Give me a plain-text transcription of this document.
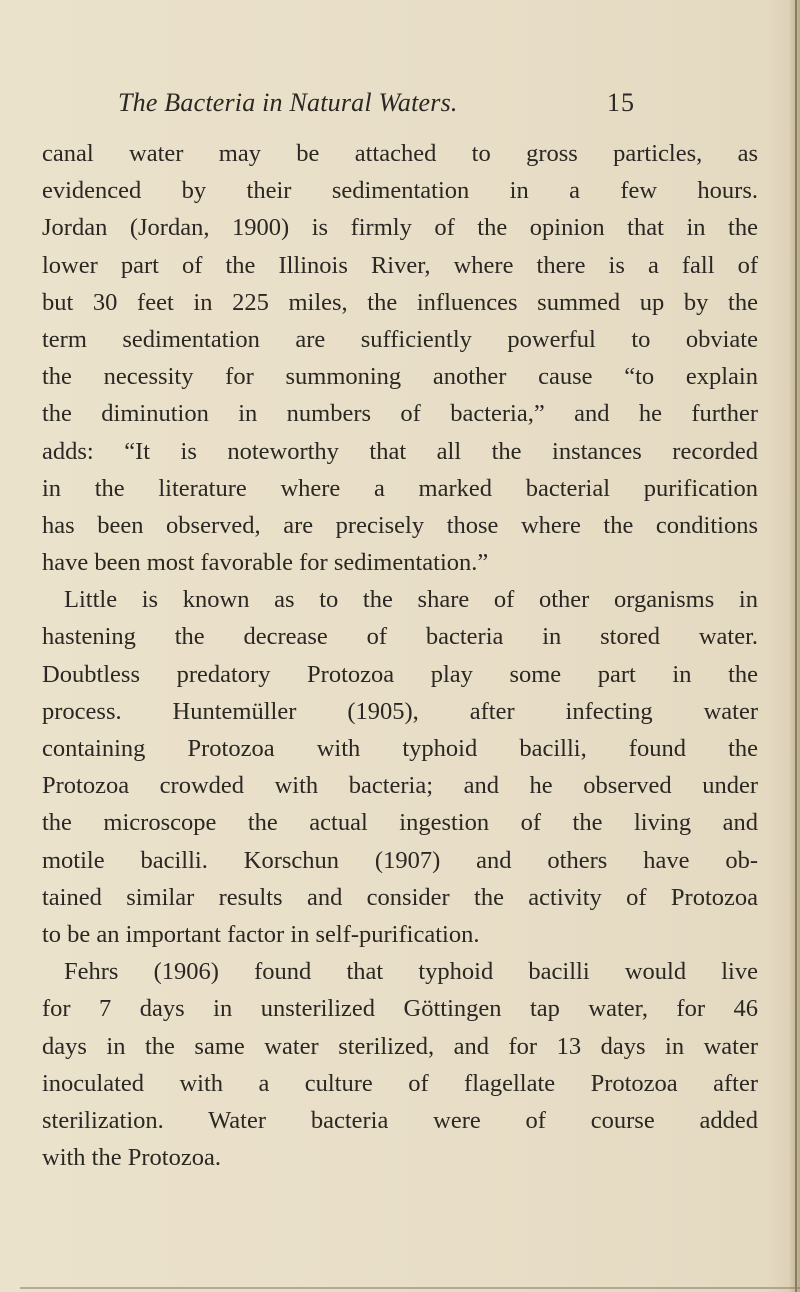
The Bacteria in Natural Waters.	15
canal water may be attached to gross particles, as
evidenced by their sedimentation in a few hours.
Jordan (Jordan, 1900) is firmly of the opinion that in the
lower part of the Illinois River, where there is a fall of
but 30 feet in 225 miles, the influences summed up by the
term sedimentation are sufficiently powerful to obviate
the necessity for summoning another cause “to explain
the diminution in numbers of bacteria,” and he further
adds: “It is noteworthy that all the instances recorded
in the literature where a marked bacterial purification
has been observed, are precisely those where the conditions
have been most favorable for sedimentation.”
Little is known as to the share of other organisms in
hastening the decrease of bacteria in stored water.
Doubtless predatory Protozoa play some part in the
process. Huntemüller (1905), after infecting water
containing Protozoa with typhoid bacilli, found the
Protozoa crowded with bacteria; and he observed under
the microscope the actual ingestion of the living and
motile bacilli. Korschun (1907) and others have ob-
tained similar results and consider the activity of Protozoa
to be an important factor in self-purification.
Fehrs (1906) found that typhoid bacilli would live
for 7 days in unsterilized Göttingen tap water, for 46
days in the same water sterilized, and for 13 days in water
inoculated with a culture of flagellate Protozoa after
sterilization. Water bacteria were of course added
with the Protozoa.
